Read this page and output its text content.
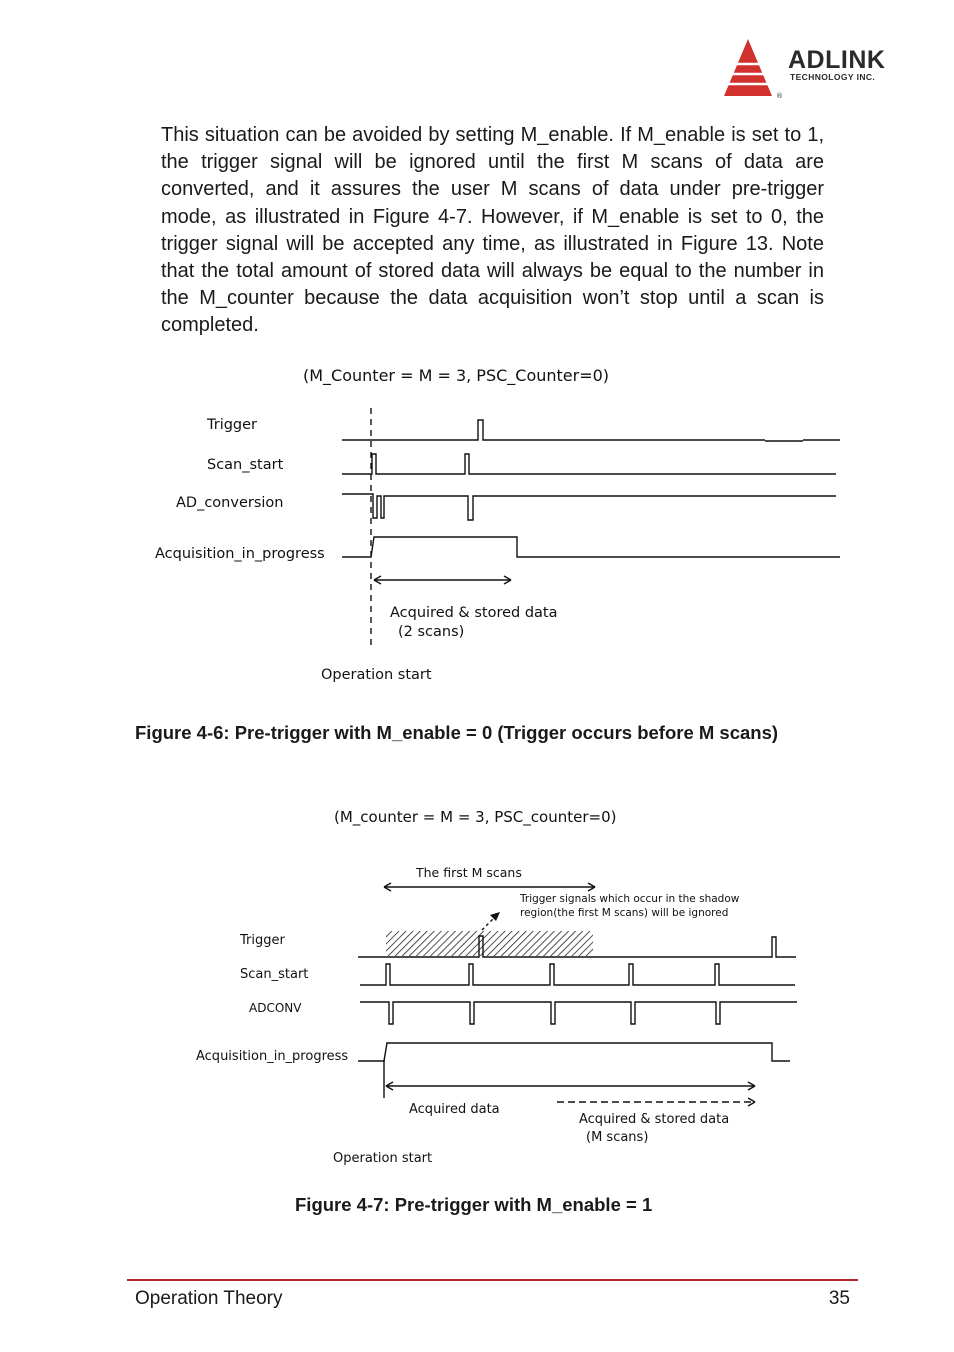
®
ADLINK
TECHNOLOGY INC.

This situation can be avoided by setting M_enable. If M_enable is set to 1, the trigger signal will be ignored until the first M scans of data are converted, and it assures the user M scans of data under pre-trigger mode, as illustrated in Figure 4-7. However, if M_enable is set to 0, the trigger signal will be accepted any time, as illustrated in Figure 13. Note that the total amount of stored data will always be equal to the number in the M_counter because the data acquisition won’t stop until a scan is completed.

(M_Counter = M = 3, PSC_Counter=0)
Trigger
Scan_start
AD_conversion
Acquisition_in_progress
Acquired & stored data
(2 scans)
Operation start
Figure 4-6: Pre-trigger with M_enable = 0 (Trigger occurs before M scans)
(M_counter = M = 3, PSC_counter=0)
The first M scans
Trigger signals which occur in the shadow
region(the first M scans) will be ignored
Trigger
Scan_start
ADCONV
Acquisition_in_progress
Acquired data
Acquired & stored data
(M scans)
Operation start
Figure 4-7: Pre-trigger with M_enable = 1
Operation Theory	35
